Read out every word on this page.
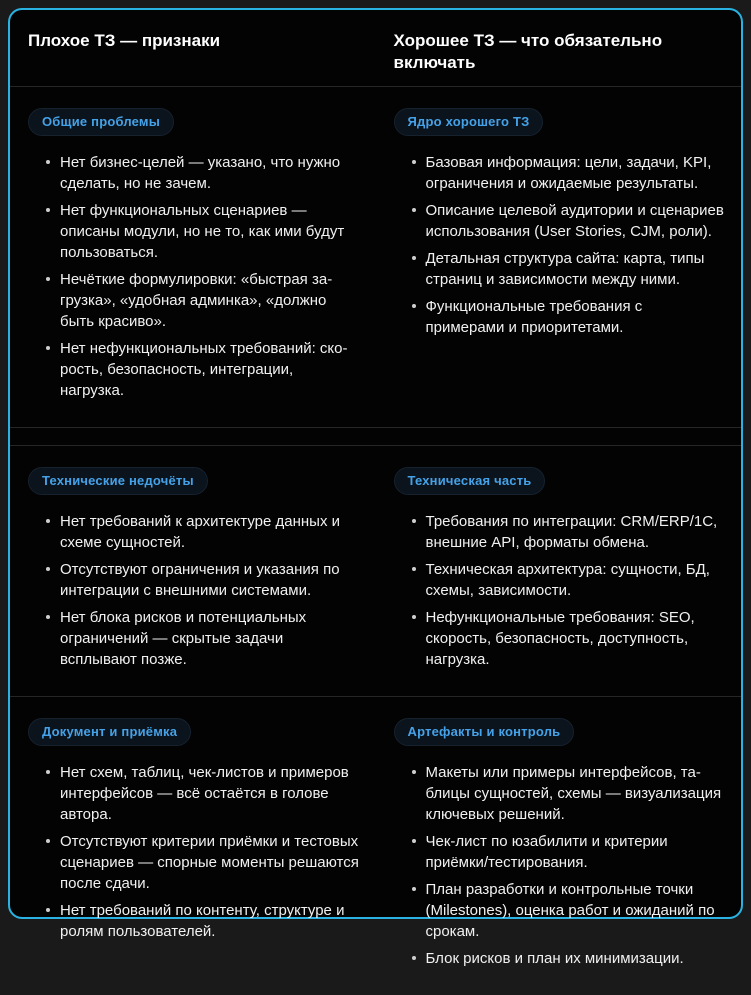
Плохое ТЗ — признаки	Хорошее ТЗ — что обязательно включать
Общие проблемы
Нет бизнес-целей — указано, что нужно сделать, но не зачем.
Нет функциональных сценариев — описаны модули, но не то, как ими будут пользоваться.
Нечёткие формулировки: «быстрая загрузка», «удобная админка», «должно быть красиво».
Нет нефункциональных требований: скорость, безопасность, интеграции, нагрузка.
Ядро хорошего ТЗ
Базовая информация: цели, задачи, KPI, ограничения и ожидаемые результаты.
Описание целевой аудитории и сценариев использования (User Stories, CJM, роли).
Детальная структура сайта: карта, типы страниц и зависимости между ними.
Функциональные требования с примерами и приоритетами.
Технические недочёты
Нет требований к архитектуре данных и схеме сущностей.
Отсутствуют ограничения и указания по интеграции с внешними системами.
Нет блока рисков и потенциальных ограничений — скрытые задачи всплывают позже.
Техническая часть
Требования по интеграции: CRM/ERP/1С, внешние API, форматы обмена.
Техническая архитектура: сущности, БД, схемы, зависимости.
Нефункциональные требования: SEO, скорость, безопасность, доступность, нагрузка.
Документ и приёмка
Нет схем, таблиц, чек-листов и примеров интерфейсов — всё остаётся в голове автора.
Отсутствуют критерии приёмки и тестовых сценариев — спорные моменты решаются после сдачи.
Нет требований по контенту, структуре и ролям пользователей.
Артефакты и контроль
Макеты или примеры интерфейсов, таблицы сущностей, схемы — визуализация ключевых решений.
Чек-лист по юзабилити и критерии приёмки/тестирования.
План разработки и контрольные точки (Milestones), оценка работ и ожиданий по срокам.
Блок рисков и план их минимизации.
